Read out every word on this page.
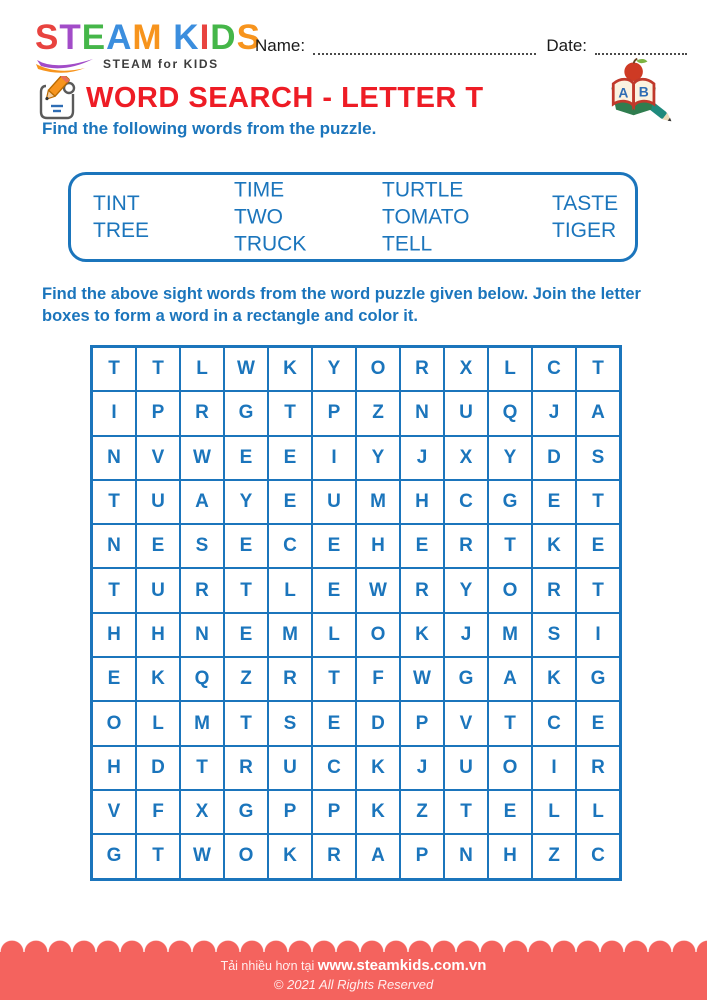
STEAM KIDS
STEAM for KIDS
Name:	Date:
A B
WORD SEARCH - LETTER T
Find the following words from the puzzle.
TINT
TREE
TIME
TWO
TRUCK
TURTLE
TOMATO
TELL
TASTE
TIGER

Find the above sight words from the word puzzle given below. Join the letter boxes to form a word in a rectangle and color it.

T	T	L	W	K	Y	O	R	X	L	C	T
I	P	R	G	T	P	Z	N	U	Q	J	A
N	V	W	E	E	I	Y	J	X	Y	D	S
T	U	A	Y	E	U	M	H	C	G	E	T
N	E	S	E	C	E	H	E	R	T	K	E
T	U	R	T	L	E	W	R	Y	O	R	T
H	H	N	E	M	L	O	K	J	M	S	I
E	K	Q	Z	R	T	F	W	G	A	K	G
O	L	M	T	S	E	D	P	V	T	C	E
H	D	T	R	U	C	K	J	U	O	I	R
V	F	X	G	P	P	K	Z	T	E	L	L
G	T	W	O	K	R	A	P	N	H	Z	C
Tải nhiều hơn tại www.steamkids.com.vn
© 2021 All Rights Reserved
